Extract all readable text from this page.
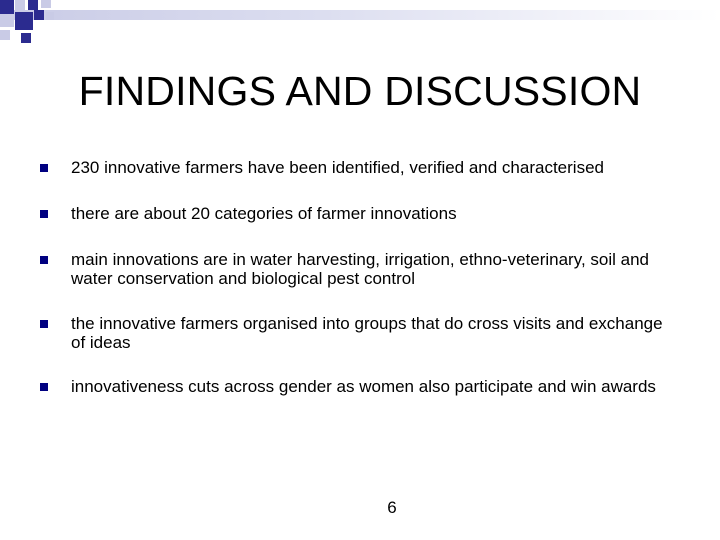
FINDINGS AND DISCUSSION
230 innovative farmers have been identified, verified and characterised
there are about 20 categories of farmer innovations
main innovations are in water harvesting, irrigation, ethno-veterinary, soil and water conservation and biological pest control
the innovative farmers organised into groups that do cross visits and exchange of ideas
innovativeness cuts across gender as women also participate and win awards
6
